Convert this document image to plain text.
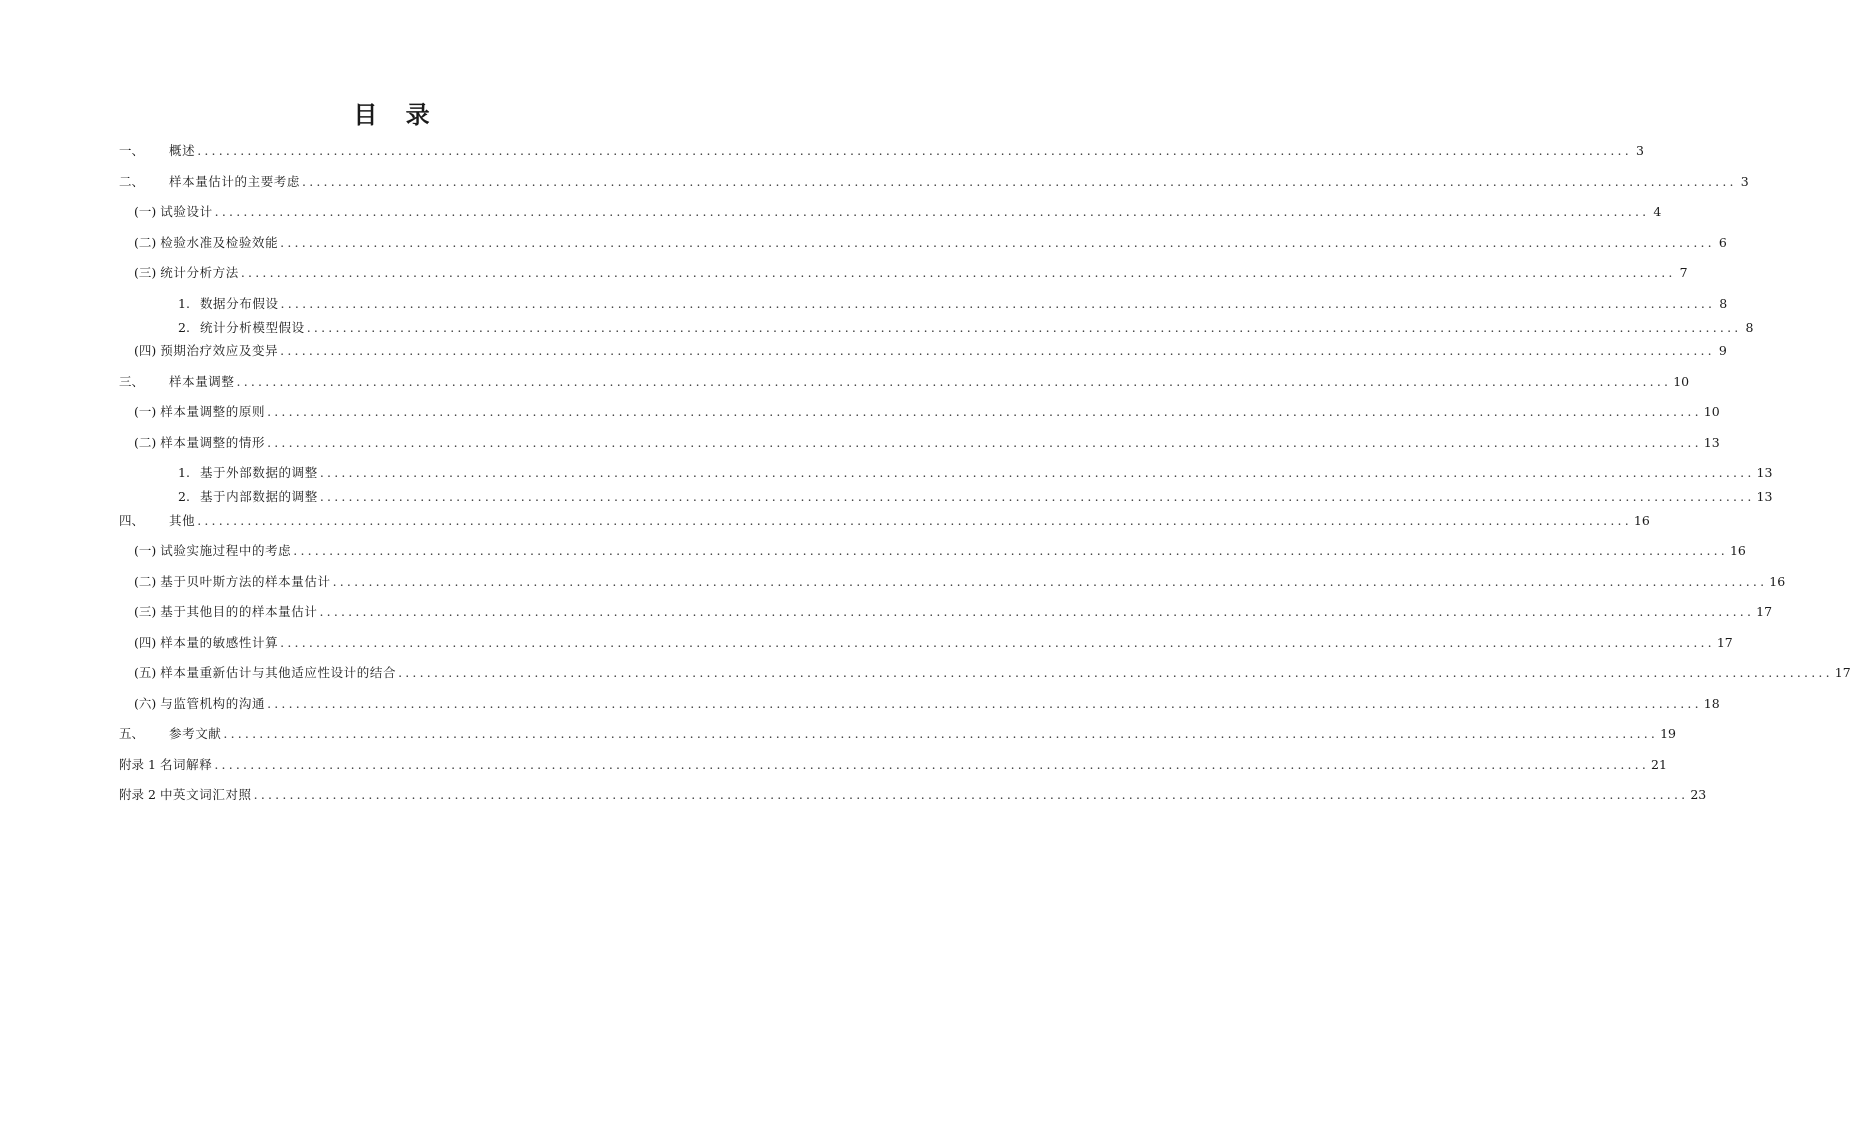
目 录
一、	概述 ........................................................................................................................................................................................................ 3
二、	样本量估计的主要考虑 ........................................................................................................................................................................................................ 3
(一) 试验设计 ........................................................................................................................................................................................................ 4
(二) 检验水准及检验效能 ........................................................................................................................................................................................................ 6
(三) 统计分析方法 ........................................................................................................................................................................................................ 7
1. 数据分布假设 ........................................................................................................................................................................................................ 8
2. 统计分析模型假设 ........................................................................................................................................................................................................ 8
(四) 预期治疗效应及变异 ........................................................................................................................................................................................................ 9
三、	样本量调整 ........................................................................................................................................................................................................ 10
(一) 样本量调整的原则 ........................................................................................................................................................................................................ 10
(二) 样本量调整的情形 ........................................................................................................................................................................................................ 13
1. 基于外部数据的调整 ........................................................................................................................................................................................................ 13
2. 基于内部数据的调整 ........................................................................................................................................................................................................ 13
四、	其他 ........................................................................................................................................................................................................ 16
(一) 试验实施过程中的考虑 ........................................................................................................................................................................................................ 16
(二) 基于贝叶斯方法的样本量估计 ........................................................................................................................................................................................................ 16
(三) 基于其他目的的样本量估计 ........................................................................................................................................................................................................ 17
(四) 样本量的敏感性计算 ........................................................................................................................................................................................................ 17
(五) 样本量重新估计与其他适应性设计的结合 ........................................................................................................................................................................................................ 17
(六) 与监管机构的沟通 ........................................................................................................................................................................................................ 18
五、	参考文献 ........................................................................................................................................................................................................ 19
附录 1 名词解释 ........................................................................................................................................................................................................ 21
附录 2 中英文词汇对照 ........................................................................................................................................................................................................ 23
